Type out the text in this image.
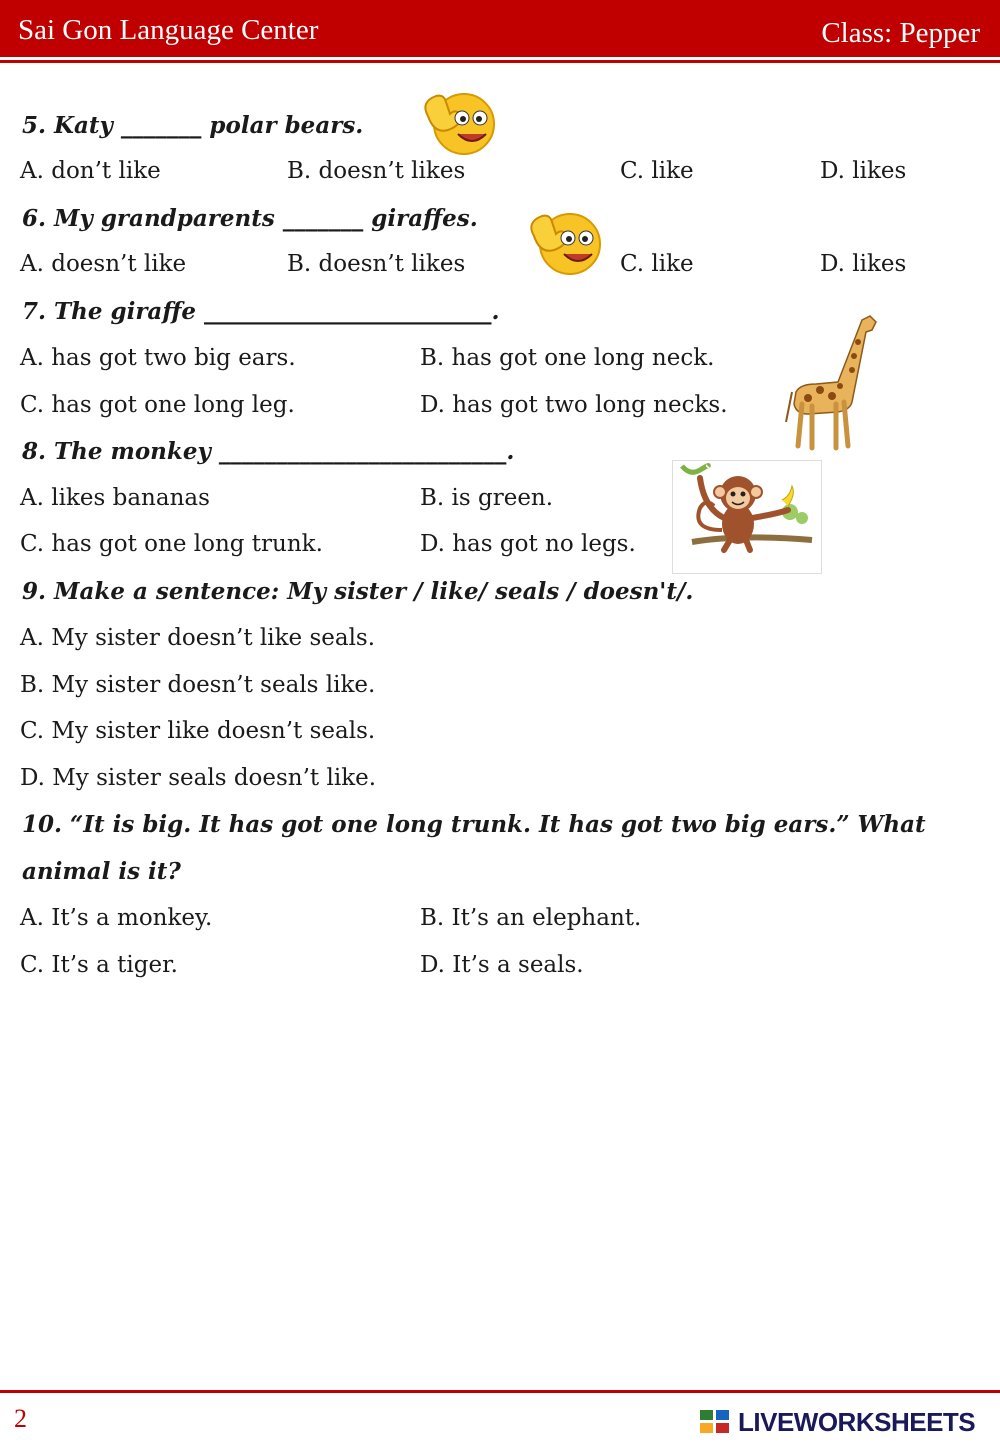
Sai Gon Language Center	Class: Pepper
5. Katy _______ polar bears.
A. don’t like	B. doesn’t likes	C. like	D. likes
6. My grandparents _______ giraffes.
A. doesn’t like	B. doesn’t likes	C. like	D. likes
7. The giraffe _________________________.
A. has got two big ears.	B. has got one long neck.
C. has got one long leg.	D. has got two long necks.
8. The monkey _________________________.
A. likes bananas	B. is green.
C. has got one long trunk.	D. has got no legs.
9. Make a sentence: My sister / like/ seals / doesn't/.
A. My sister doesn’t like seals.
B. My sister doesn’t seals like.
C. My sister like doesn’t seals.
D. My sister seals doesn’t like.
10. “It is big. It has got one long trunk. It has got two big ears.” What
animal is it?
A. It’s a monkey.	B. It’s an elephant.
C. It’s a tiger.	D. It’s a seals.
2	LIVEWORKSHEETS
